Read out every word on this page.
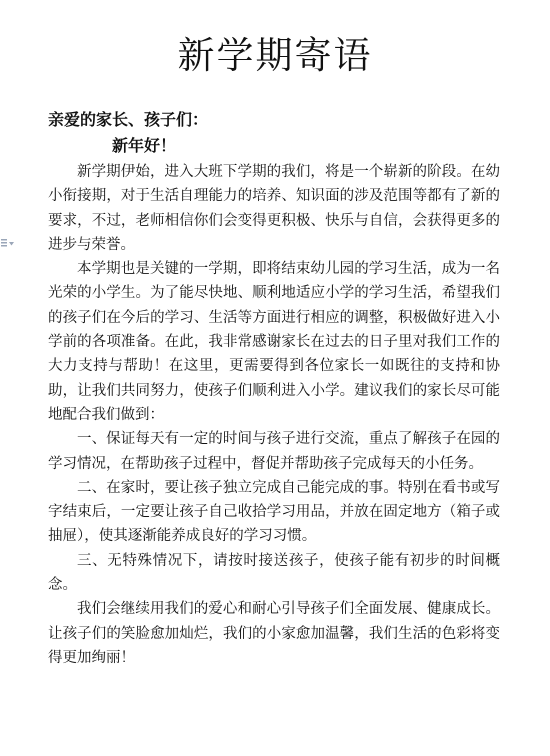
新学期寄语
亲爱的家长、孩子们：
新年好！

新学期伊始，进入大班下学期的我们，将是一个崭新的阶段。在幼小衔接期，对于生活自理能力的培养、知识面的涉及范围等都有了新的要求，不过，老师相信你们会变得更积极、快乐与自信，会获得更多的进步与荣誉。

本学期也是关键的一学期，即将结束幼儿园的学习生活，成为一名光荣的小学生。为了能尽快地、顺利地适应小学的学习生活，希望我们的孩子们在今后的学习、生活等方面进行相应的调整，积极做好进入小学前的各项准备。在此，我非常感谢家长在过去的日子里对我们工作的大力支持与帮助！在这里，更需要得到各位家长一如既往的支持和协助，让我们共同努力，使孩子们顺利进入小学。建议我们的家长尽可能地配合我们做到：

一、保证每天有一定的时间与孩子进行交流，重点了解孩子在园的学习情况，在帮助孩子过程中，督促并帮助孩子完成每天的小任务。

二、在家时，要让孩子独立完成自己能完成的事。特别在看书或写字结束后，一定要让孩子自己收拾学习用品，并放在固定地方（箱子或抽屉），使其逐渐能养成良好的学习习惯。

三、无特殊情况下，请按时接送孩子，使孩子能有初步的时间概念。

我们会继续用我们的爱心和耐心引导孩子们全面发展、健康成长。让孩子们的笑脸愈加灿烂，我们的小家愈加温馨，我们生活的色彩将变得更加绚丽！
